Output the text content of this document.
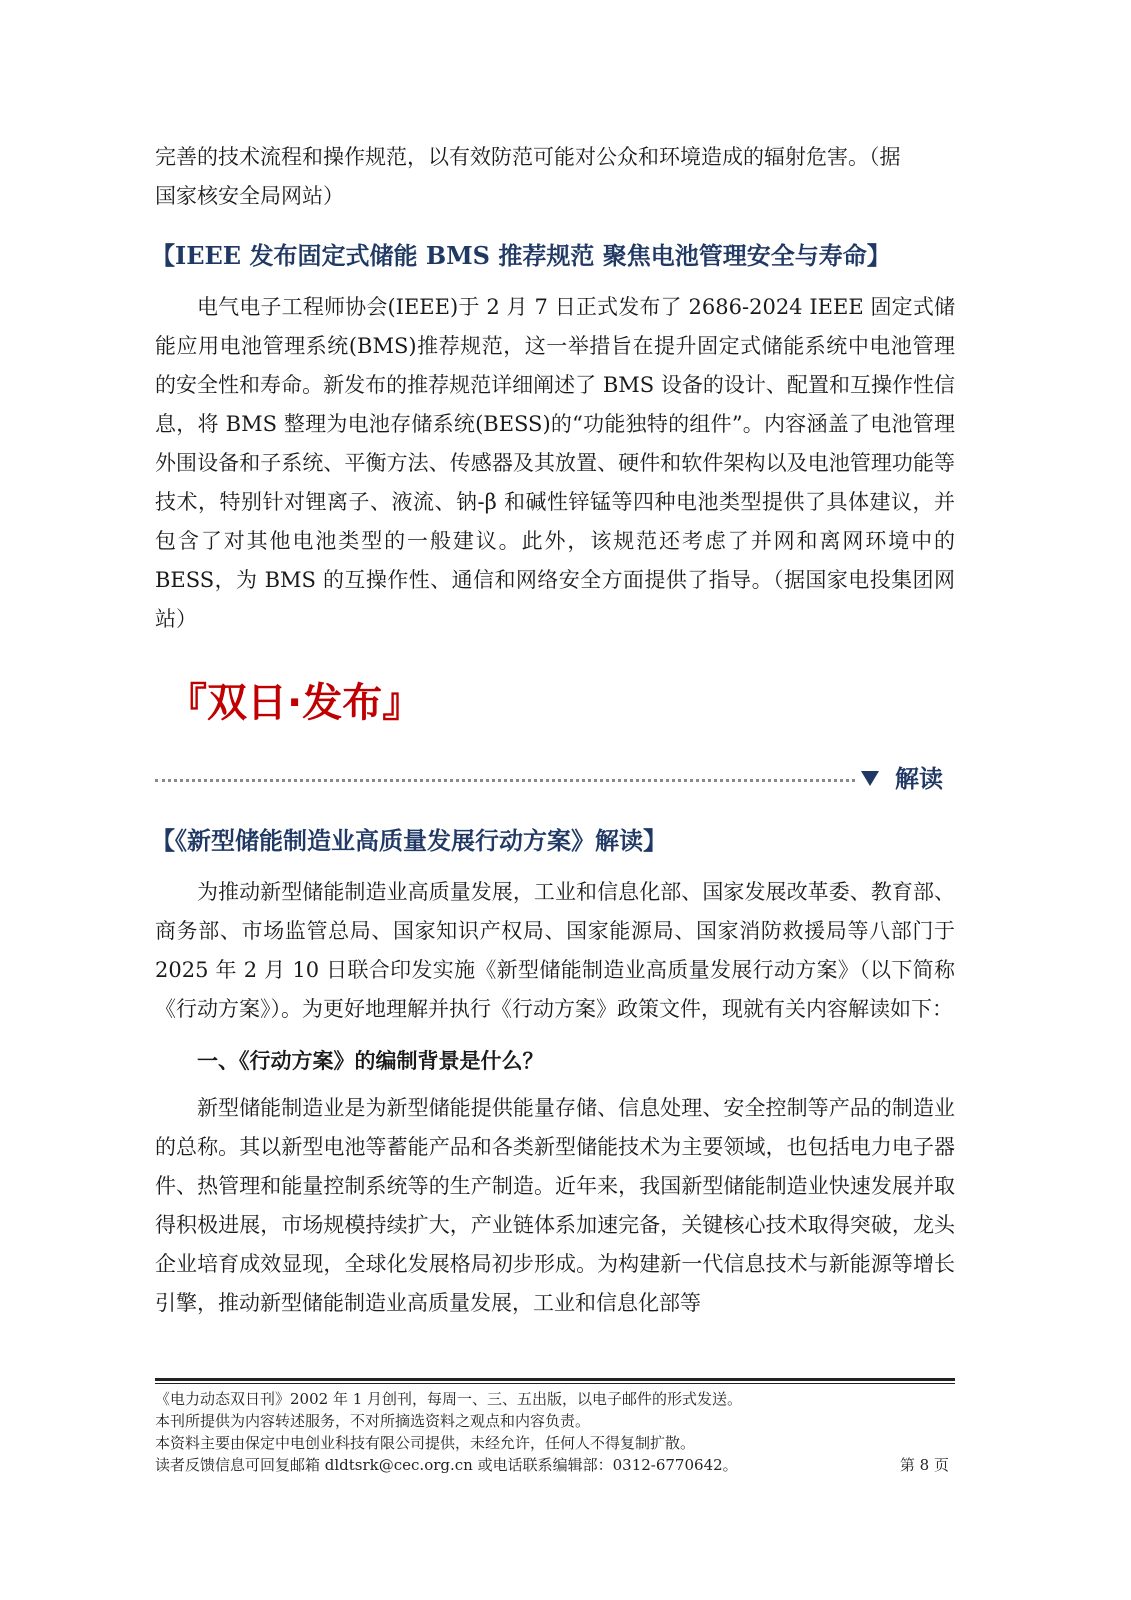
完善的技术流程和操作规范，以有效防范可能对公众和环境造成的辐射危害。（据
国家核安全局网站）

【IEEE 发布固定式储能 BMS 推荐规范 聚焦电池管理安全与寿命】

电气电子工程师协会(IEEE)于 2 月 7 日正式发布了 2686-2024 IEEE 固定式储能应用电池管理系统(BMS)推荐规范，这一举措旨在提升固定式储能系统中电池管理的安全性和寿命。新发布的推荐规范详细阐述了 BMS 设备的设计、配置和互操作性信息，将 BMS 整理为电池存储系统(BESS)的“功能独特的组件”。内容涵盖了电池管理外围设备和子系统、平衡方法、传感器及其放置、硬件和软件架构以及电池管理功能等技术，特别针对锂离子、液流、钠-β 和碱性锌锰等四种电池类型提供了具体建议，并包含了对其他电池类型的一般建议。此外，该规范还考虑了并网和离网环境中的 BESS，为 BMS 的互操作性、通信和网络安全方面提供了指导。（据国家电投集团网站）

『双日·发布』

解读

【《新型储能制造业高质量发展行动方案》解读】

为推动新型储能制造业高质量发展，工业和信息化部、国家发展改革委、教育部、商务部、市场监管总局、国家知识产权局、国家能源局、国家消防救援局等八部门于 2025 年 2 月 10 日联合印发实施《新型储能制造业高质量发展行动方案》（以下简称《行动方案》）。为更好地理解并执行《行动方案》政策文件，现就有关内容解读如下：

一、《行动方案》的编制背景是什么？

新型储能制造业是为新型储能提供能量存储、信息处理、安全控制等产品的制造业的总称。其以新型电池等蓄能产品和各类新型储能技术为主要领域，也包括电力电子器件、热管理和能量控制系统等的生产制造。近年来，我国新型储能制造业快速发展并取得积极进展，市场规模持续扩大，产业链体系加速完备，关键核心技术取得突破，龙头企业培育成效显现，全球化发展格局初步形成。为构建新一代信息技术与新能源等增长引擎，推动新型储能制造业高质量发展，工业和信息化部等

《电力动态双日刊》2002 年 1 月创刊，每周一、三、五出版，以电子邮件的形式发送。
本刊所提供为内容转述服务，不对所摘选资料之观点和内容负责。
本资料主要由保定中电创业科技有限公司提供，未经允许，任何人不得复制扩散。
读者反馈信息可回复邮箱 dldtsrk@cec.org.cn 或电话联系编辑部：0312-6770642。	第 8 页
